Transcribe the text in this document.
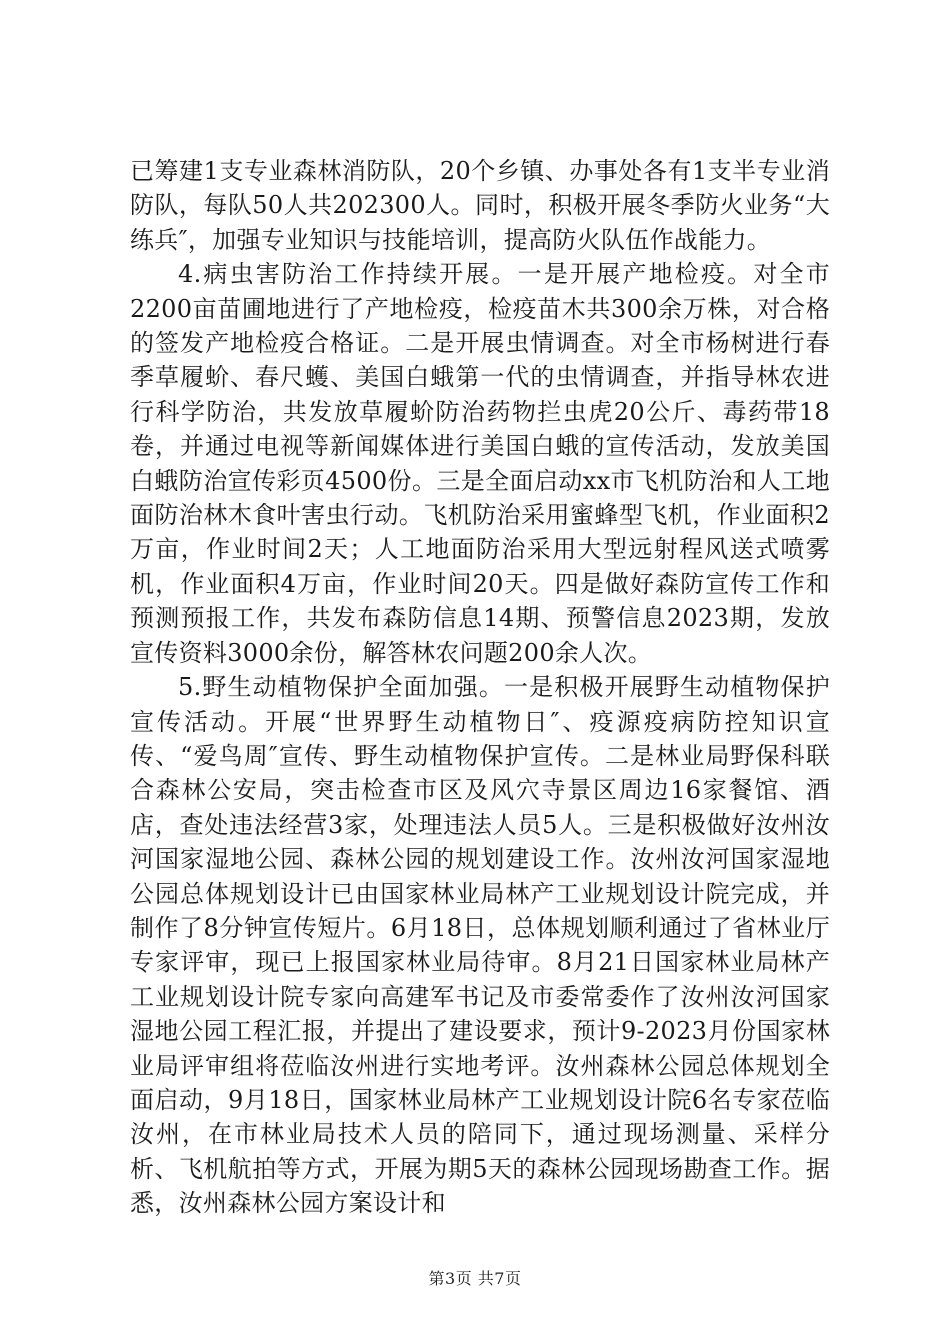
已筹建1支专业森林消防队，20个乡镇、办事处各有1支半专业消防队，每队50人共202300人。同时，积极开展冬季防火业务“大练兵″，加强专业知识与技能培训，提高防火队伍作战能力。

4.病虫害防治工作持续开展。一是开展产地检疫。对全市2200亩苗圃地进行了产地检疫，检疫苗木共300余万株，对合格的签发产地检疫合格证。二是开展虫情调查。对全市杨树进行春季草履蚧、春尺蠖、美国白蛾第一代的虫情调查，并指导林农进行科学防治，共发放草履蚧防治药物拦虫虎20公斤、毒药带18卷，并通过电视等新闻媒体进行美国白蛾的宣传活动，发放美国白蛾防治宣传彩页4500份。三是全面启动xx市飞机防治和人工地面防治林木食叶害虫行动。飞机防治采用蜜蜂型飞机，作业面积2万亩，作业时间2天；人工地面防治采用大型远射程风送式喷雾机，作业面积4万亩，作业时间20天。四是做好森防宣传工作和预测预报工作，共发布森防信息14期、预警信息2023期，发放宣传资料3000余份，解答林农问题200余人次。

5.野生动植物保护全面加强。一是积极开展野生动植物保护宣传活动。开展“世界野生动植物日″、疫源疫病防控知识宣传、“爱鸟周″宣传、野生动植物保护宣传。二是林业局野保科联合森林公安局，突击检查市区及风穴寺景区周边16家餐馆、酒店，查处违法经营3家，处理违法人员5人。三是积极做好汝州汝河国家湿地公园、森林公园的规划建设工作。汝州汝河国家湿地公园总体规划设计已由国家林业局林产工业规划设计院完成，并制作了8分钟宣传短片。6月18日，总体规划顺利通过了省林业厅专家评审，现已上报国家林业局待审。8月21日国家林业局林产工业规划设计院专家向高建军书记及市委常委作了汝州汝河国家湿地公园工程汇报，并提出了建设要求，预计9-2023月份国家林业局评审组将莅临汝州进行实地考评。汝州森林公园总体规划全面启动，9月18日，国家林业局林产工业规划设计院6名专家莅临汝州，在市林业局技术人员的陪同下，通过现场测量、采样分析、飞机航拍等方式，开展为期5天的森林公园现场勘查工作。据悉，汝州森林公园方案设计和

第3页 共7页
